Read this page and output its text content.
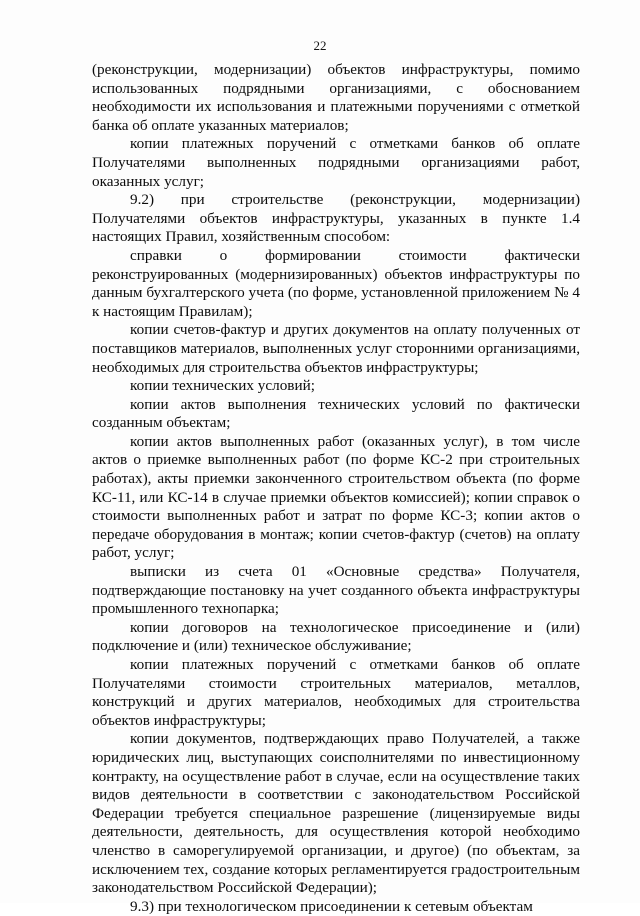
22

(реконструкции, модернизации) объектов инфраструктуры, помимо использованных подрядными организациями, с обоснованием необходимости их использования и платежными поручениями с отметкой банка об оплате указанных материалов;

копии платежных поручений с отметками банков об оплате Получателями выполненных подрядными организациями работ, оказанных услуг;

9.2) при строительстве (реконструкции, модернизации) Получателями объектов инфраструктуры, указанных в пункте 1.4 настоящих Правил, хозяйственным способом:

справки о формировании стоимости фактически реконструированных (модернизированных) объектов инфраструктуры по данным бухгалтерского учета (по форме, установленной приложением № 4 к настоящим Правилам);

копии счетов-фактур и других документов на оплату полученных от поставщиков материалов, выполненных услуг сторонними организациями, необходимых для строительства объектов инфраструктуры;

копии технических условий;

копии актов выполнения технических условий по фактически созданным объектам;

копии актов выполненных работ (оказанных услуг), в том числе актов о приемке выполненных работ (по форме КС-2 при строительных работах), акты приемки законченного строительством объекта (по форме КС-11, или КС-14 в случае приемки объектов комиссией); копии справок о стоимости выполненных работ и затрат по форме КС-3; копии актов о передаче оборудования в монтаж; копии счетов-фактур (счетов) на оплату работ, услуг;

выписки из счета 01 «Основные средства» Получателя, подтверждающие постановку на учет созданного объекта инфраструктуры промышленного технопарка;

копии договоров на технологическое присоединение и (или) подключение и (или) техническое обслуживание;

копии платежных поручений с отметками банков об оплате Получателями стоимости строительных материалов, металлов, конструкций и других материалов, необходимых для строительства объектов инфраструктуры;

копии документов, подтверждающих право Получателей, а также юридических лиц, выступающих соисполнителями по инвестиционному контракту, на осуществление работ в случае, если на осуществление таких видов деятельности в соответствии с законодательством Российской Федерации требуется специальное разрешение (лицензируемые виды деятельности, деятельность, для осуществления которой необходимо членство в саморегулируемой организации, и другое) (по объектам, за исключением тех, создание которых регламентируется градостроительным законодательством Российской Федерации);

9.3) при технологическом присоединении к сетевым объектам
